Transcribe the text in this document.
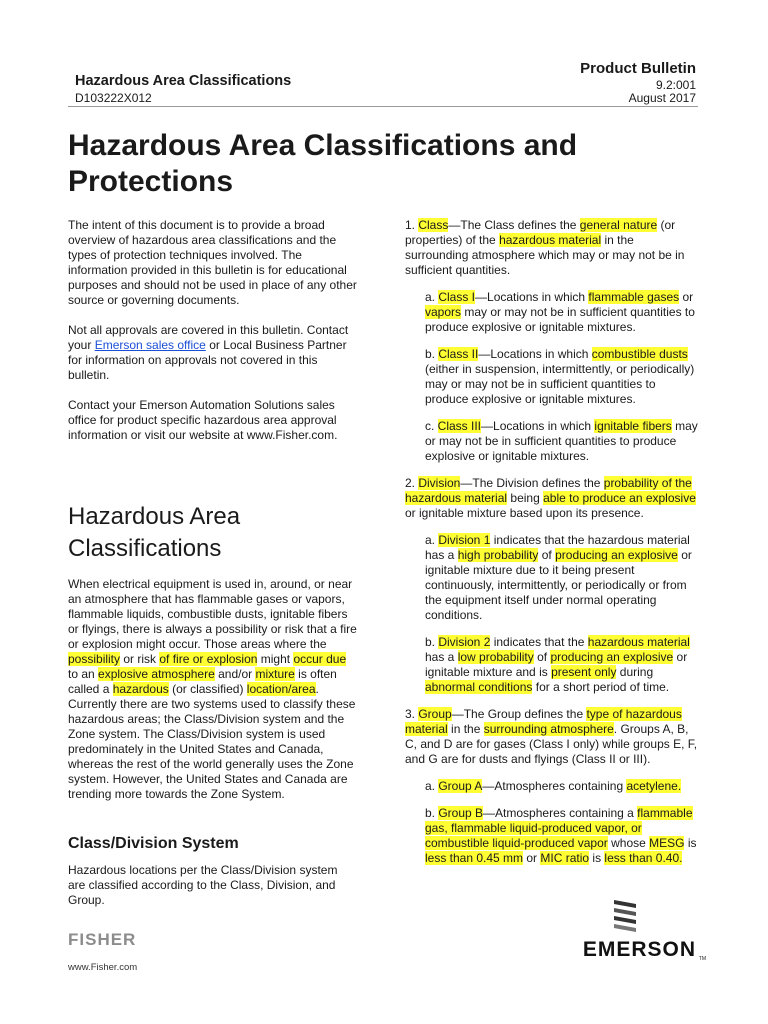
Hazardous Area Classifications
D103222X012
Product Bulletin
9.2:001
August 2017
Hazardous Area Classifications and Protections

The intent of this document is to provide a broad overview of hazardous area classifications and the types of protection techniques involved. The information provided in this bulletin is for educational purposes and should not be used in place of any other source or governing documents.

Not all approvals are covered in this bulletin. Contact your Emerson sales office or Local Business Partner for information on approvals not covered in this bulletin.

Contact your Emerson Automation Solutions sales office for product specific hazardous area approval information or visit our website at www.Fisher.com.

Hazardous Area Classifications

When electrical equipment is used in, around, or near an atmosphere that has flammable gases or vapors, flammable liquids, combustible dusts, ignitable fibers or flyings, there is always a possibility or risk that a fire or explosion might occur. Those areas where the possibility or risk of fire or explosion might occur due to an explosive atmosphere and/or mixture is often called a hazardous (or classified) location/area. Currently there are two systems used to classify these hazardous areas; the Class/Division system and the Zone system. The Class/Division system is used predominately in the United States and Canada, whereas the rest of the world generally uses the Zone system. However, the United States and Canada are trending more towards the Zone System.

Class/Division System

Hazardous locations per the Class/Division system are classified according to the Class, Division, and Group.

1. Class—The Class defines the general nature (or properties) of the hazardous material in the surrounding atmosphere which may or may not be in sufficient quantities.

a. Class I—Locations in which flammable gases or vapors may or may not be in sufficient quantities to produce explosive or ignitable mixtures.

b. Class II—Locations in which combustible dusts (either in suspension, intermittently, or periodically) may or may not be in sufficient quantities to produce explosive or ignitable mixtures.

c. Class III—Locations in which ignitable fibers may or may not be in sufficient quantities to produce explosive or ignitable mixtures.

2. Division—The Division defines the probability of the hazardous material being able to produce an explosive or ignitable mixture based upon its presence.

a. Division 1 indicates that the hazardous material has a high probability of producing an explosive or ignitable mixture due to it being present continuously, intermittently, or periodically or from the equipment itself under normal operating conditions.

b. Division 2 indicates that the hazardous material has a low probability of producing an explosive or ignitable mixture and is present only during abnormal conditions for a short period of time.

3. Group—The Group defines the type of hazardous material in the surrounding atmosphere. Groups A, B, C, and D are for gases (Class I only) while groups E, F, and G are for dusts and flyings (Class II or III).

a. Group A—Atmospheres containing acetylene.

b. Group B—Atmospheres containing a flammable gas, flammable liquid-produced vapor, or combustible liquid-produced vapor whose MESG is less than 0.45 mm or MIC ratio is less than 0.40.

FISHER
www.Fisher.com
EMERSON TM
